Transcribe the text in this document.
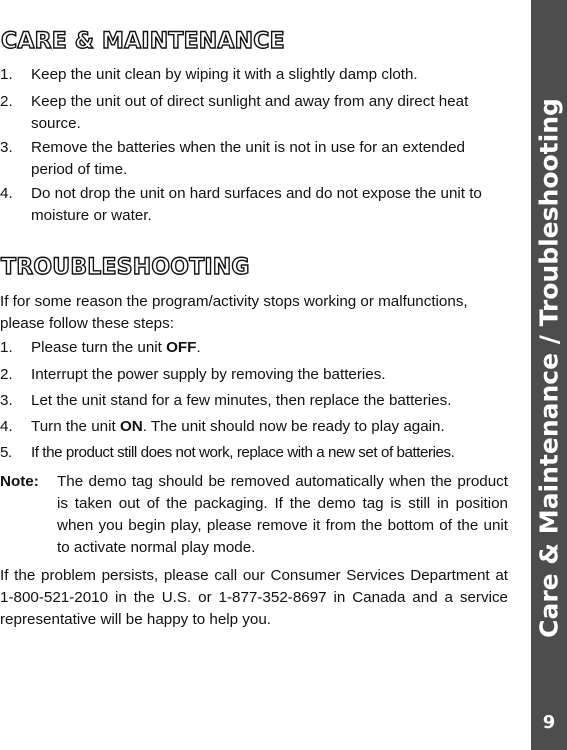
CARE & MAINTENANCE
1. Keep the unit clean by wiping it with a slightly damp cloth.
2. Keep the unit out of direct sunlight and away from any direct heat source.
3. Remove the batteries when the unit is not in use for an extended period of time.
4. Do not drop the unit on hard surfaces and do not expose the unit to moisture or water.
TROUBLESHOOTING

If for some reason the program/activity stops working or malfunctions, please follow these steps:

1. Please turn the unit OFF.
2. Interrupt the power supply by removing the batteries.
3. Let the unit stand for a few minutes, then replace the batteries.
4. Turn the unit ON. The unit should now be ready to play again.
5. If the product still does not work, replace with a new set of batteries.
Note: The demo tag should be removed automatically when the product is taken out of the packaging. If the demo tag is still in position when you begin play, please remove it from the bottom of the unit to activate normal play mode.

If the problem persists, please call our Consumer Services Department at 1-800-521-2010 in the U.S. or 1-877-352-8697 in Canada and a service representative will be happy to help you.	Care & Maintenance / Troubleshooting
9
